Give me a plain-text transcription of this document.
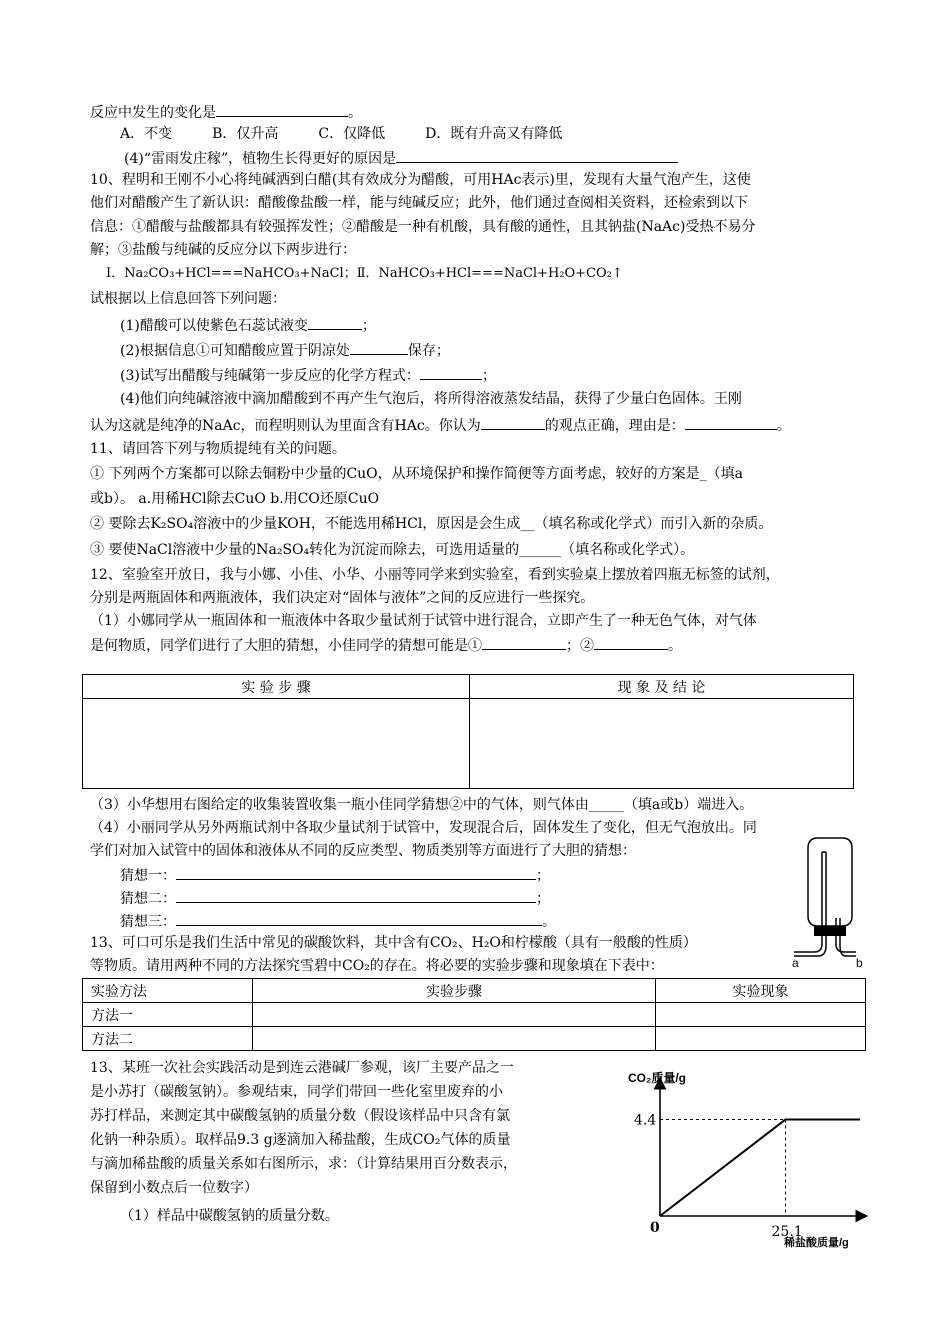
反应中发生的变化是	。
A．不变	B．仅升高	C．仅降低	D．既有升高又有降低
(4)“雷雨发庄稼”，植物生长得更好的原因是
10、程明和王刚不小心将纯碱洒到白醋(其有效成分为醋酸，可用HAc表示)里，发现有大量气泡产生，这使
他们对醋酸产生了新认识：醋酸像盐酸一样，能与纯碱反应；此外，他们通过查阅相关资料，还检索到以下
信息：①醋酸与盐酸都具有较强挥发性；②醋酸是一种有机酸，具有酸的通性，且其钠盐(NaAc)受热不易分
解；③盐酸与纯碱的反应分以下两步进行：
Ⅰ．Na₂CO₃+HCl===NaHCO₃+NaCl；Ⅱ．NaHCO₃+HCl===NaCl+H₂O+CO₂↑
试根据以上信息回答下列问题：
(1)醋酸可以使紫色石蕊试液变	；
(2)根据信息①可知醋酸应置于阴凉处	保存；
(3)试写出醋酸与纯碱第一步反应的化学方程式：	；
(4)他们向纯碱溶液中滴加醋酸到不再产生气泡后，将所得溶液蒸发结晶，获得了少量白色固体。王刚
认为这就是纯净的NaAc，而程明则认为里面含有HAc。你认为	的观点正确，理由是：	。
11、请回答下列与物质提纯有关的问题。
① 下列两个方案都可以除去铜粉中少量的CuO，从环境保护和操作简便等方面考虑，较好的方案是_（填a
或b）。 a.用稀HCl除去CuO b.用CO还原CuO
② 要除去K₂SO₄溶液中的少量KOH，不能选用稀HCl，原因是会生成__（填名称或化学式）而引入新的杂质。
③ 要使NaCl溶液中少量的Na₂SO₄转化为沉淀而除去，可选用适量的______（填名称或化学式）。
12、室验室开放日，我与小娜、小佳、小华、小丽等同学来到实验室，看到实验桌上摆放着四瓶无标签的试剂，
分别是两瓶固体和两瓶液体，我们决定对“固体与液体”之间的反应进行一些探究。
（1）小娜同学从一瓶固体和一瓶液体中各取少量试剂于试管中进行混合，立即产生了一种无色气体，对气体
是何物质，同学们进行了大胆的猜想，小佳同学的猜想可能是①	；②	。
实 验 步 骤	现 象 及 结 论

（3）小华想用右图给定的收集装置收集一瓶小佳同学猜想②中的气体，则气体由_____（填a或b）端进入。
（4）小丽同学从另外两瓶试剂中各取少量试剂于试管中，发现混合后，固体发生了变化，但无气泡放出。同
学们对加入试管中的固体和液体从不同的反应类型、物质类别等方面进行了大胆的猜想：
猜想一：	；
猜想二：	；
猜想三：	。
a	b
13、可口可乐是我们生活中常见的碳酸饮料，其中含有CO₂、H₂O和柠檬酸（具有一般酸的性质）
等物质。请用两种不同的方法探究雪碧中CO₂的存在。将必要的实验步骤和现象填在下表中：
实验方法	实验步骤	实验现象
方法一		
方法二		
13、某班一次社会实践活动是到连云港碱厂参观，该厂主要产品之一
是小苏打（碳酸氢钠）。参观结束，同学们带回一些化室里废弃的小
苏打样品，来测定其中碳酸氢钠的质量分数（假设该样品中只含有氯
化钠一种杂质）。取样品9.3 g逐滴加入稀盐酸，生成CO₂气体的质量
与滴加稀盐酸的质量关系如右图所示，求：（计算结果用百分数表示，
保留到小数点后一位数字）
（1）样品中碳酸氢钠的质量分数。
CO₂质量/g
稀盐酸质量/g
0
4.4
25.1
